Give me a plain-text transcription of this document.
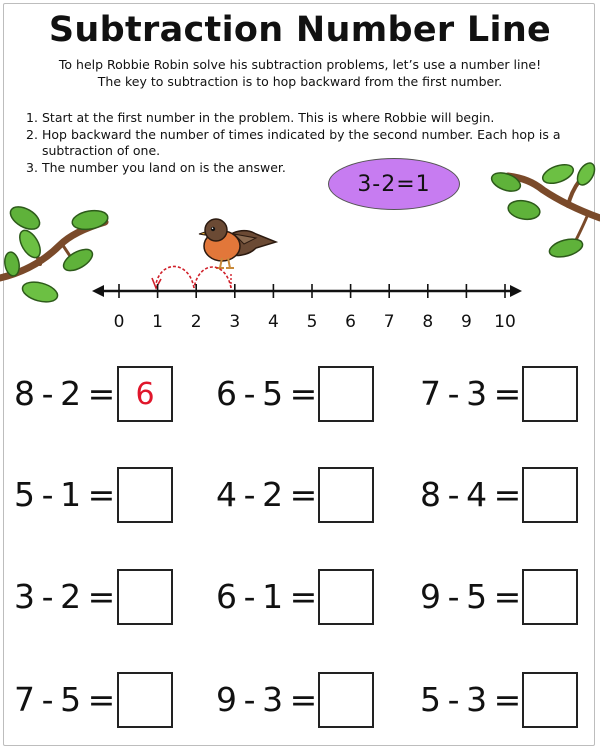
Subtraction Number Line
To help Robbie Robin solve his subtraction problems, let’s use a number line!
The key to subtraction is to hop backward from the first number.
1. Start at the first number in the problem. This is where Robbie will begin.
2. Hop backward the number of times indicated by the second number. Each hop is a subtraction of one.
3. The number you land on is the answer.
3-2=1
0 1 2 3 4 5 6 7 8 9 10
8 - 2 = 6	6 - 5 =	7 - 3 =
5 - 1 =	4 - 2 =	8 - 4 =
3 - 2 =	6 - 1 =	9 - 5 =
7 - 5 =	9 - 3 =	5 - 3 =
